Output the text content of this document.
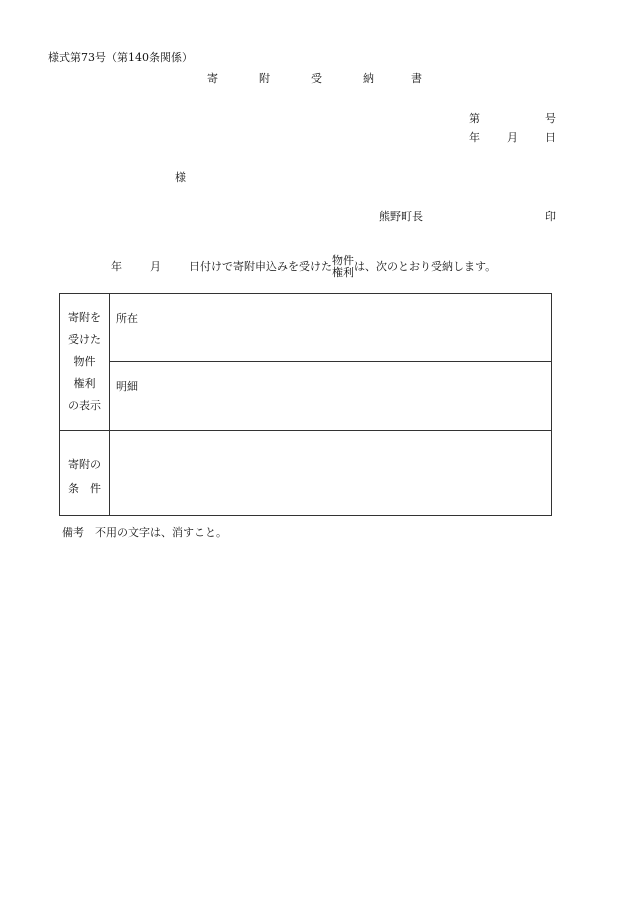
様式第73号（第140条関係）
寄	附	受	納	書
第	号
年 月 日
様
熊野町長	印
年	月	日付けで寄附申込みを受けた 物件
権利 は、次のとおり受納します。
寄附を
受けた
物件
権利
の表示	所在

	明細

寄附の
条　件	

備考　不用の文字は、消すこと。
